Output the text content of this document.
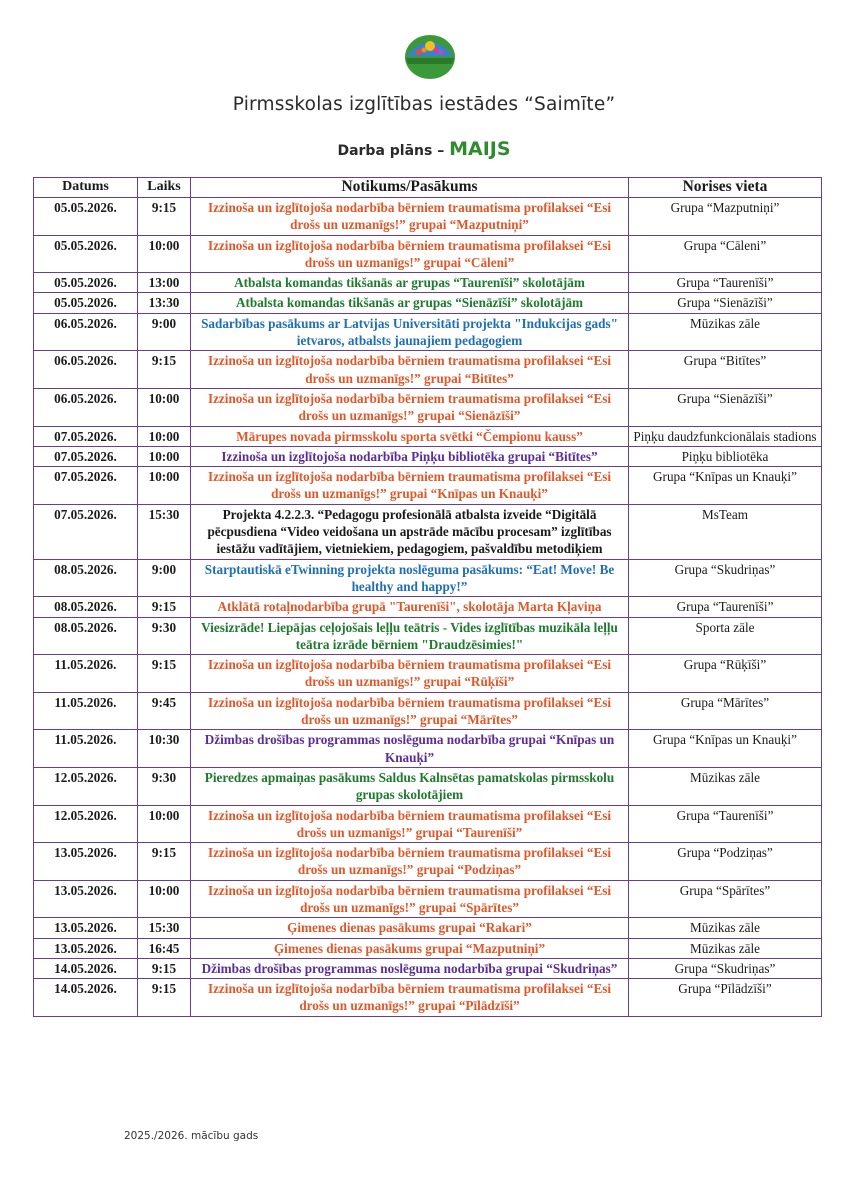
Pirmsskolas izglītības iestādes “Saimīte”
Darba plāns – MAIJS
Datums	Laiks	Notikums/Pasākums	Norises vieta
05.05.2026.	9:15	Izzinoša un izglītojoša nodarbība bērniem traumatisma profilaksei “Esi drošs un uzmanīgs!” grupai “Mazputniņi”	Grupa “Mazputniņi”
05.05.2026.	10:00	Izzinoša un izglītojoša nodarbība bērniem traumatisma profilaksei “Esi drošs un uzmanīgs!” grupai “Cāleni”	Grupa “Cāleni”
05.05.2026.	13:00	Atbalsta komandas tikšanās ar grupas “Taurenīši” skolotājām	Grupa “Taurenīši”
05.05.2026.	13:30	Atbalsta komandas tikšanās ar grupas “Sienāzīši” skolotājām	Grupa “Sienāzīši”
06.05.2026.	9:00	Sadarbības pasākums ar Latvijas Universitāti projekta "Indukcijas gads" ietvaros, atbalsts jaunajiem pedagogiem	Mūzikas zāle
06.05.2026.	9:15	Izzinoša un izglītojoša nodarbība bērniem traumatisma profilaksei “Esi drošs un uzmanīgs!” grupai “Bitītes”	Grupa “Bitītes”
06.05.2026.	10:00	Izzinoša un izglītojoša nodarbība bērniem traumatisma profilaksei “Esi drošs un uzmanīgs!” grupai “Sienāzīši”	Grupa “Sienāzīši”
07.05.2026.	10:00	Mārupes novada pirmsskolu sporta svētki “Čempionu kauss”	Piņķu daudzfunkcionālais stadions
07.05.2026.	10:00	Izzinoša un izglītojoša nodarbība Piņķu bibliotēka grupai “Bitītes”	Piņķu bibliotēka
07.05.2026.	10:00	Izzinoša un izglītojoša nodarbība bērniem traumatisma profilaksei “Esi drošs un uzmanīgs!” grupai “Knīpas un Knauķi”	Grupa “Knīpas un Knauķi”
07.05.2026.	15:30	Projekta 4.2.2.3. “Pedagogu profesionālā atbalsta izveide “Digitālā pēcpusdiena “Video veidošana un apstrāde mācību procesam” izglītības iestāžu vadītājiem, vietniekiem, pedagogiem, pašvaldību metodiķiem	MsTeam
08.05.2026.	9:00	Starptautiskā eTwinning projekta noslēguma pasākums: “Eat! Move! Be healthy and happy!”	Grupa “Skudriņas”
08.05.2026.	9:15	Atklātā rotaļnodarbība grupā "Taurenīši", skolotāja Marta Kļaviņa	Grupa “Taurenīši”
08.05.2026.	9:30	Viesizrāde! Liepājas ceļojošais leļļu teātris - Vides izglītības muzikāla leļļu teātra izrāde bērniem "Draudzēsimies!"	Sporta zāle
11.05.2026.	9:15	Izzinoša un izglītojoša nodarbība bērniem traumatisma profilaksei “Esi drošs un uzmanīgs!” grupai “Rūķīši”	Grupa “Rūķīši”
11.05.2026.	9:45	Izzinoša un izglītojoša nodarbība bērniem traumatisma profilaksei “Esi drošs un uzmanīgs!” grupai “Mārītes”	Grupa “Mārītes”
11.05.2026.	10:30	Džimbas drošības programmas noslēguma nodarbība grupai “Knīpas un Knauķi”	Grupa “Knīpas un Knauķi”
12.05.2026.	9:30	Pieredzes apmaiņas pasākums Saldus Kalnsētas pamatskolas pirmsskolu grupas skolotājiem	Mūzikas zāle
12.05.2026.	10:00	Izzinoša un izglītojoša nodarbība bērniem traumatisma profilaksei “Esi drošs un uzmanīgs!” grupai “Taurenīši”	Grupa “Taurenīši”
13.05.2026.	9:15	Izzinoša un izglītojoša nodarbība bērniem traumatisma profilaksei “Esi drošs un uzmanīgs!” grupai “Podziņas”	Grupa “Podziņas”
13.05.2026.	10:00	Izzinoša un izglītojoša nodarbība bērniem traumatisma profilaksei “Esi drošs un uzmanīgs!” grupai “Spārītes”	Grupa “Spārītes”
13.05.2026.	15:30	Ģimenes dienas pasākums grupai “Rakari”	Mūzikas zāle
13.05.2026.	16:45	Ģimenes dienas pasākums grupai “Mazputniņi”	Mūzikas zāle
14.05.2026.	9:15	Džimbas drošības programmas noslēguma nodarbība grupai “Skudriņas”	Grupa “Skudriņas”
14.05.2026.	9:15	Izzinoša un izglītojoša nodarbība bērniem traumatisma profilaksei “Esi drošs un uzmanīgs!” grupai “Pīlādzīši”	Grupa “Pīlādzīši”
2025./2026. mācību gads
